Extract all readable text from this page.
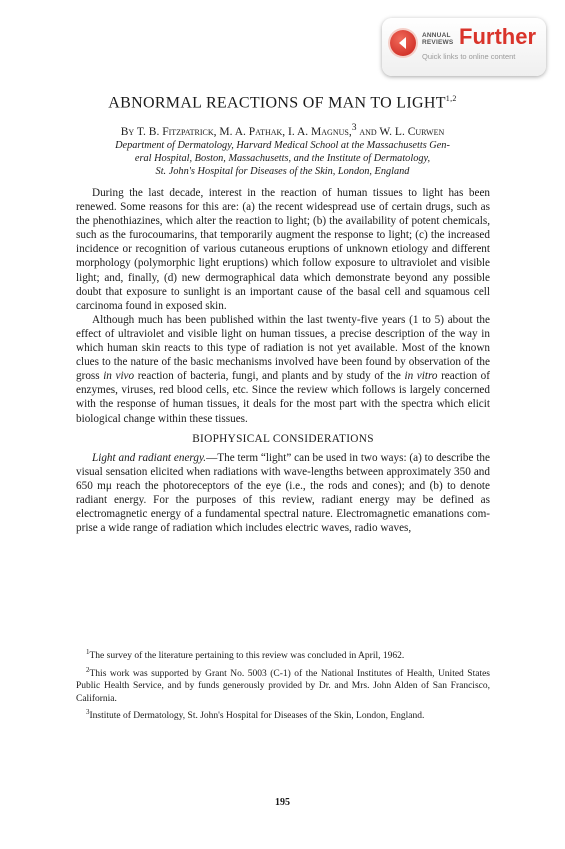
ANNUAL
REVIEWS Further
Quick links to online content
ABNORMAL REACTIONS OF MAN TO LIGHT$^{1,2}$
By T. B. Fitzpatrick, M. A. Pathak, I. A. Magnus,$^3$ and W. L. Curwen
Department of Dermatology, Harvard Medical School at the Massachusetts Gen-
eral Hospital, Boston, Massachusetts, and the Institute of Dermatology,
St. John's Hospital for Diseases of the Skin, London, England

During the last decade, interest in the reaction of human tissues to light has been renewed. Some reasons for this are: (a) the recent widespread use of certain drugs, such as the phenothiazines, which alter the reaction to light; (b) the availability of potent chemicals, such as the furocoumarins, that temporarily augment the response to light; (c) the increased incidence or recognition of various cutaneous eruptions of unknown etiology and different morphology (polymorphic light eruptions) which follow exposure to ultraviolet and visible light; and, finally, (d) new dermographical data which demonstrate beyond any possible doubt that exposure to sunlight is an important cause of the basal cell and squamous cell carcinoma found in exposed skin.

Although much has been published within the last twenty-five years (1 to 5) about the effect of ultraviolet and visible light on human tissues, a precise description of the way in which human skin reacts to this type of radiation is not yet available. Most of the known clues to the nature of the basic mechanisms involved have been found by observation of the gross in vivo reaction of bacteria, fungi, and plants and by study of the in vitro reaction of enzymes, viruses, red blood cells, etc. Since the review which follows is largely concerned with the response of human tissues, it deals for the most part with the spectra which elicit biological change within these tissues.

BIOPHYSICAL CONSIDERATIONS

Light and radiant energy.—The term “light” can be used in two ways: (a) to describe the visual sensation elicited when radiations with wave-lengths between approximately 350 and 650 mμ reach the photoreceptors of the eye (i.e., the rods and cones); and (b) to denote radiant energy. For the purposes of this review, radiant energy may be defined as electromagnetic energy of a fundamental spectral nature. Electromagnetic emanations com-prise a wide range of radiation which includes electric waves, radio waves,

$^1$The survey of the literature pertaining to this review was concluded in April, 1962.

$^2$This work was supported by Grant No. 5003 (C-1) of the National Institutes of Health, United States Public Health Service, and by funds generously provided by Dr. and Mrs. John Alden of San Francisco, California.

$^3$Institute of Dermatology, St. John's Hospital for Diseases of the Skin, London, England.

195
